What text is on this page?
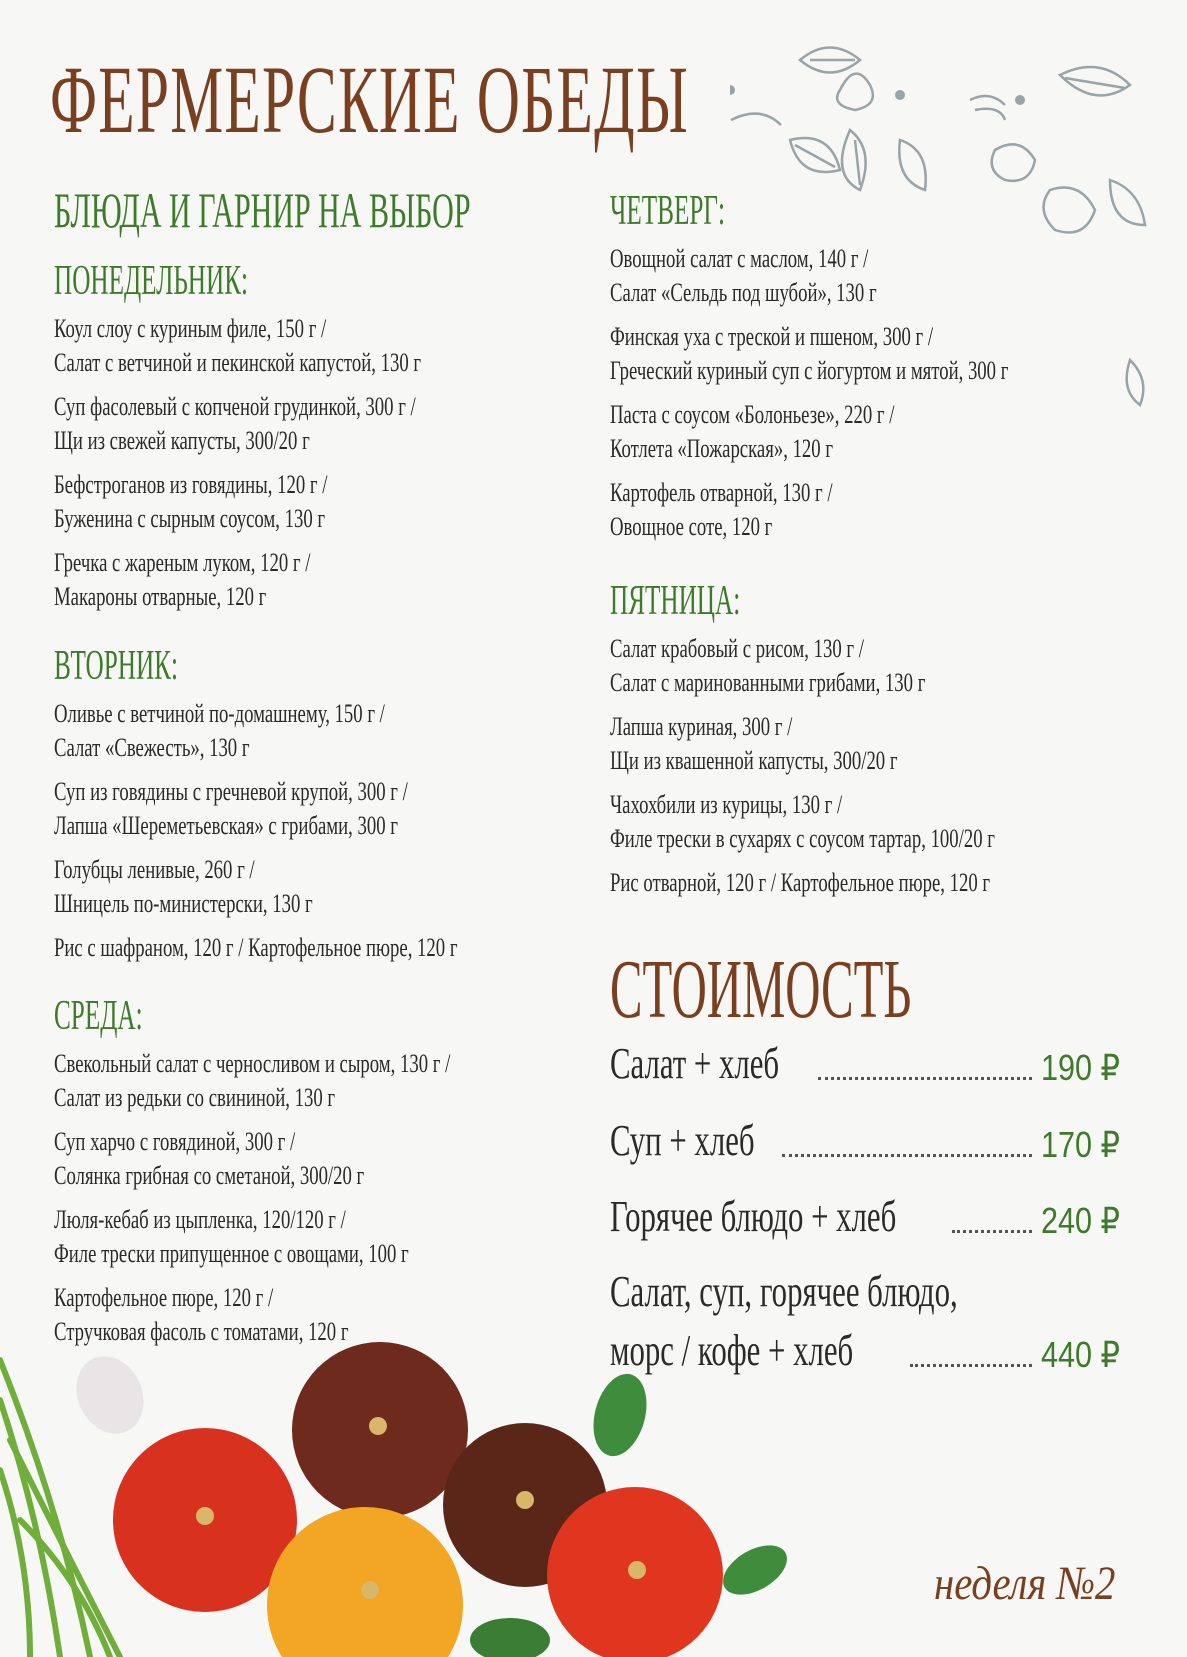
ФЕРМЕРСКИЕ ОБЕДЫ
БЛЮДА И ГАРНИР НА ВЫБОР
ПОНЕДЕЛЬНИК:
Коул слоу с куриным филе, 150 г /
Салат с ветчиной и пекинской капустой, 130 г
Суп фасолевый с копченой грудинкой, 300 г /
Щи из свежей капусты, 300/20 г
Бефстроганов из говядины, 120 г /
Буженина с сырным соусом, 130 г
Гречка с жареным луком, 120 г /
Макароны отварные, 120 г
ВТОРНИК:
Оливье с ветчиной по-домашнему, 150 г /
Салат «Свежесть», 130 г
Суп из говядины с гречневой крупой, 300 г /
Лапша «Шереметьевская» с грибами, 300 г
Голубцы ленивые, 260 г /
Шницель по-министерски, 130 г
Рис с шафраном, 120 г / Картофельное пюре, 120 г
СРЕДА:
Свекольный салат с черносливом и сыром, 130 г /
Салат из редьки со свининой, 130 г
Суп харчо с говядиной, 300 г /
Солянка грибная со сметаной, 300/20 г
Люля-кебаб из цыпленка, 120/120 г /
Филе трески припущенное с овощами, 100 г
Картофельное пюре, 120 г /
Стручковая фасоль с томатами, 120 г
ЧЕТВЕРГ:
Овощной салат с маслом, 140 г /
Салат «Сельдь под шубой», 130 г
Финская уха с треской и пшеном, 300 г /
Греческий куриный суп с йогуртом и мятой, 300 г
Паста с соусом «Болоньезе», 220 г /
Котлета «Пожарская», 120 г
Картофель отварной, 130 г /
Овощное соте, 120 г
ПЯТНИЦА:
Салат крабовый с рисом, 130 г /
Салат с маринованными грибами, 130 г
Лапша куриная, 300 г /
Щи из квашенной капусты, 300/20 г
Чахохбили из курицы, 130 г /
Филе трески в сухарях с соусом тартар, 100/20 г
Рис отварной, 120 г / Картофельное пюре, 120 г
СТОИМОСТЬ
Салат + хлеб	190 ₽
Суп + хлеб	170 ₽
Горячее блюдо + хлеб	240 ₽
Салат, суп, горячее блюдо,
морс / кофе + хлеб	440 ₽
неделя №2
